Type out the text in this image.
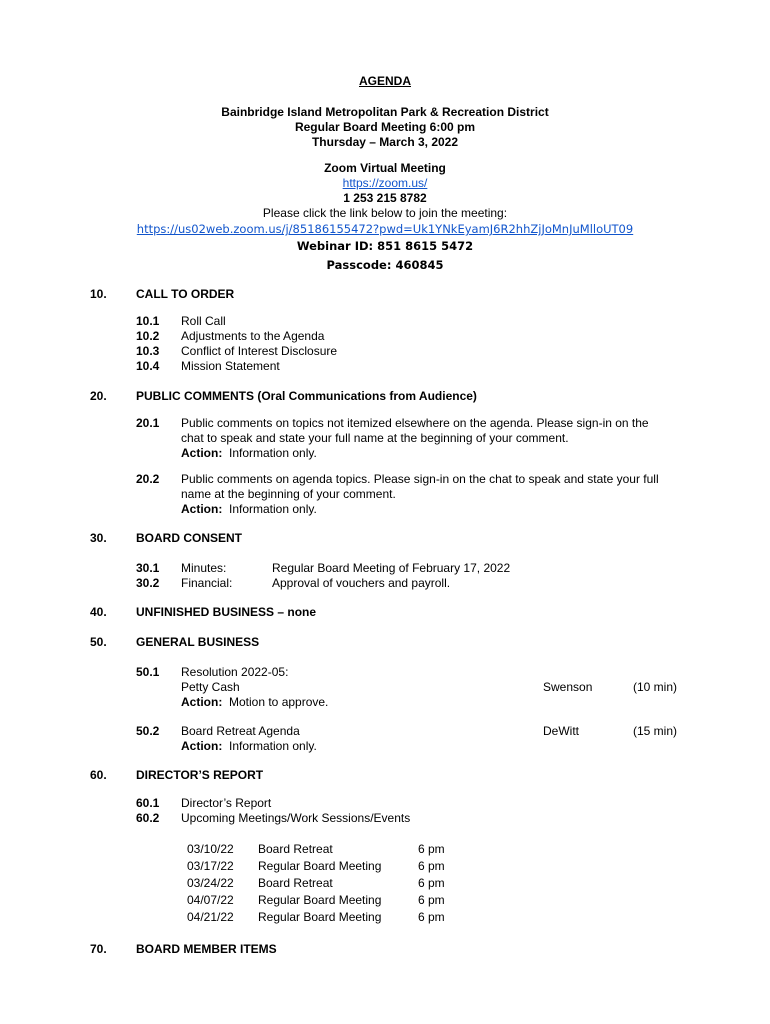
AGENDA
Bainbridge Island Metropolitan Park & Recreation District
Regular Board Meeting 6:00 pm
Thursday – March 3, 2022
Zoom Virtual Meeting
https://zoom.us/
1 253 215 8782
Please click the link below to join the meeting:
https://us02web.zoom.us/j/85186155472?pwd=Uk1YNkEyamJ6R2hhZjJoMnJuMlloUT09
Webinar ID: 851 8615 5472
Passcode: 460845
10. CALL TO ORDER
10.1 Roll Call
10.2 Adjustments to the Agenda
10.3 Conflict of Interest Disclosure
10.4 Mission Statement
20. PUBLIC COMMENTS (Oral Communications from Audience)
20.1 Public comments on topics not itemized elsewhere on the agenda. Please sign-in on the
chat to speak and state your full name at the beginning of your comment.
Action: Information only.
20.2 Public comments on agenda topics. Please sign-in on the chat to speak and state your full
name at the beginning of your comment.
Action: Information only.
30. BOARD CONSENT
30.1 Minutes:	Regular Board Meeting of February 17, 2022
30.2 Financial:	Approval of vouchers and payroll.
40. UNFINISHED BUSINESS – none
50. GENERAL BUSINESS
50.1 Resolution 2022-05:
Petty Cash	Swenson	(10 min)
Action: Motion to approve.
50.2 Board Retreat Agenda	DeWitt	(15 min)
Action: Information only.
60. DIRECTOR’S REPORT
60.1 Director’s Report
60.2 Upcoming Meetings/Work Sessions/Events
03/10/22 Board Retreat	6 pm
03/17/22 Regular Board Meeting	6 pm
03/24/22 Board Retreat	6 pm
04/07/22 Regular Board Meeting	6 pm
04/21/22 Regular Board Meeting	6 pm
70. BOARD MEMBER ITEMS
